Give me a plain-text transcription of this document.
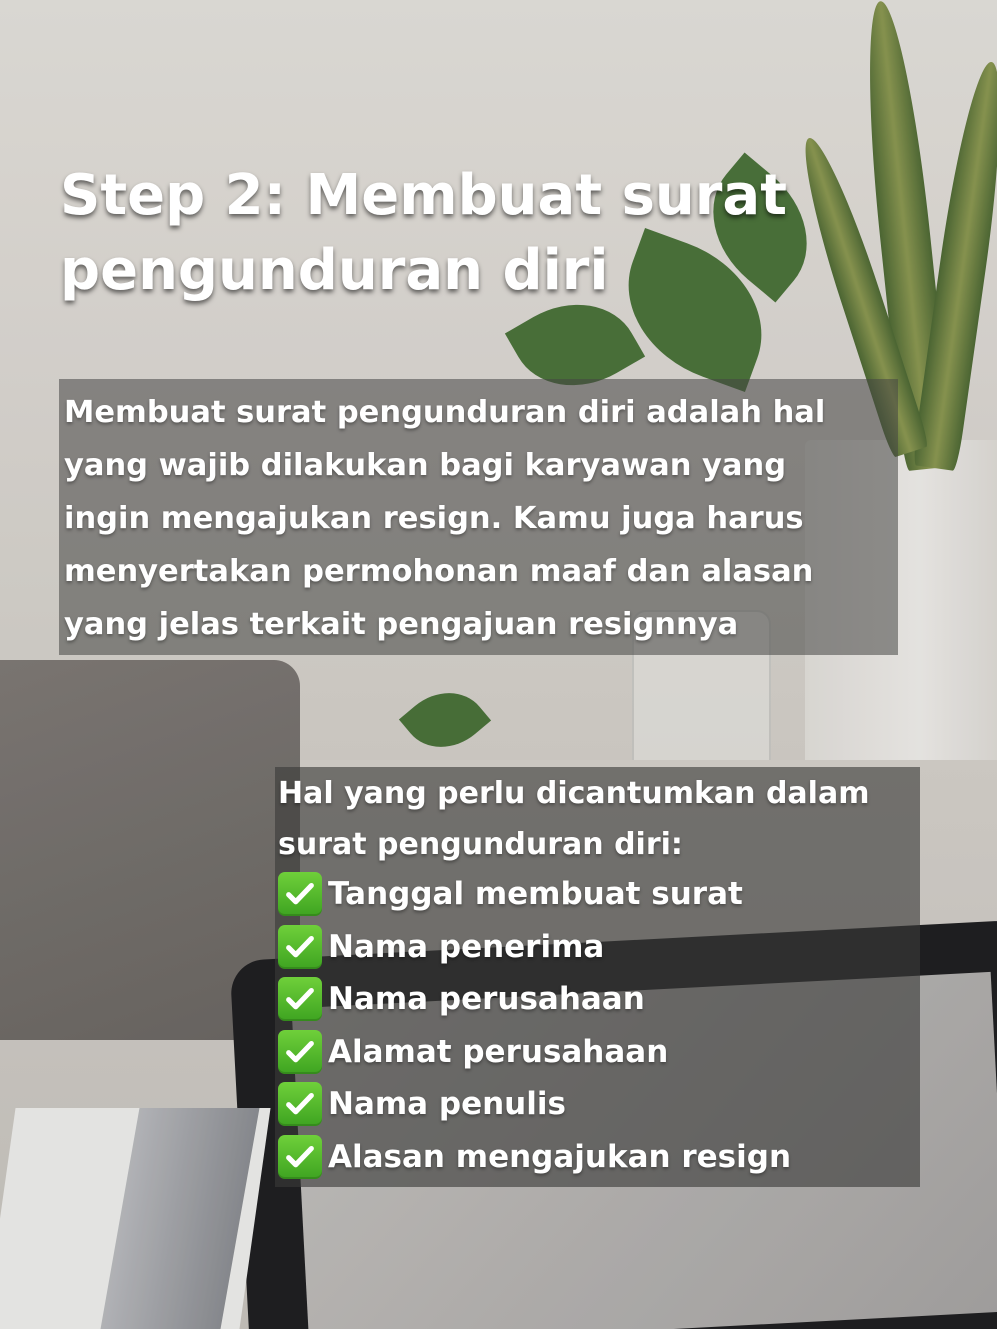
Step 2: Membuat surat
pengunduran diri

Membuat surat pengunduran diri adalah hal
yang wajib dilakukan bagi karyawan yang
ingin mengajukan resign. Kamu juga harus
menyertakan permohonan maaf dan alasan
yang jelas terkait pengajuan resignnya

Hal yang perlu dicantumkan dalam
surat pengunduran diri:

Tanggal membuat surat
Nama penerima
Nama perusahaan
Alamat perusahaan
Nama penulis
Alasan mengajukan resign
